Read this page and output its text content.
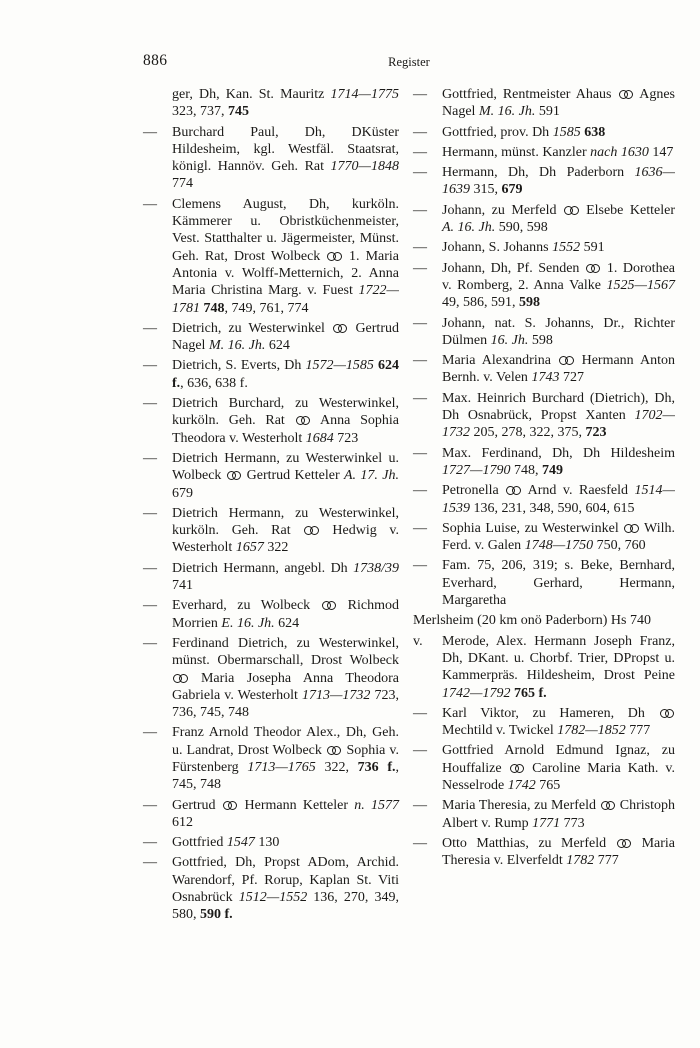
886	Register
ger, Dh, Kan. St. Mauritz 1714—1775 323, 737, 745
— Burchard Paul, Dh, DKüster Hildesheim, kgl. Westfäl. Staatsrat, königl. Hannöv. Geh. Rat 1770—1848 774
— Clemens August, Dh, kurköln. Kämmerer u. Obristküchenmeister, Vest. Statthalter u. Jägermeister, Münst. Geh. Rat, Drost Wolbeck  1. Maria Antonia v. Wolff-Metternich, 2. Anna Maria Christina Marg. v. Fuest 1722—1781 748, 749, 761, 774
— Dietrich, zu Westerwinkel  Gertrud Nagel M. 16. Jh. 624
— Dietrich, S. Everts, Dh 1572—1585 624 f., 636, 638 f.
— Dietrich Burchard, zu Westerwinkel, kurköln. Geh. Rat  Anna Sophia Theodora v. Westerholt 1684 723
— Dietrich Hermann, zu Westerwinkel u. Wolbeck  Gertrud Ketteler A. 17. Jh. 679
— Dietrich Hermann, zu Westerwinkel, kurköln. Geh. Rat  Hedwig v. Westerholt 1657 322
— Dietrich Hermann, angebl. Dh 1738/39 741
— Everhard, zu Wolbeck  Richmod Morrien E. 16. Jh. 624
— Ferdinand Dietrich, zu Westerwinkel, münst. Obermarschall, Drost Wolbeck  Maria Josepha Anna Theodora Gabriela v. Westerholt 1713—1732 723, 736, 745, 748
— Franz Arnold Theodor Alex., Dh, Geh. u. Landrat, Drost Wolbeck  Sophia v. Fürstenberg 1713—1765 322, 736 f., 745, 748
— Gertrud  Hermann Ketteler n. 1577 612
— Gottfried 1547 130
— Gottfried, Dh, Propst ADom, Archid. Warendorf, Pf. Rorup, Kaplan St. Viti Osnabrück 1512—1552 136, 270, 349, 580, 590 f.
— Gottfried, Rentmeister Ahaus  Agnes Nagel M. 16. Jh. 591
— Gottfried, prov. Dh 1585 638
— Hermann, münst. Kanzler nach 1630 147
— Hermann, Dh, Dh Paderborn 1636—1639 315, 679
— Johann, zu Merfeld  Elsebe Ketteler A. 16. Jh. 590, 598
— Johann, S. Johanns 1552 591
— Johann, Dh, Pf. Senden  1. Dorothea v. Romberg, 2. Anna Valke 1525—1567 49, 586, 591, 598
— Johann, nat. S. Johanns, Dr., Richter Dülmen 16. Jh. 598
— Maria Alexandrina  Hermann Anton Bernh. v. Velen 1743 727
— Max. Heinrich Burchard (Dietrich), Dh, Dh Osnabrück, Propst Xanten 1702—1732 205, 278, 322, 375, 723
— Max. Ferdinand, Dh, Dh Hildesheim 1727—1790 748, 749
— Petronella  Arnd v. Raesfeld 1514—1539 136, 231, 348, 590, 604, 615
— Sophia Luise, zu Westerwinkel  Wilh. Ferd. v. Galen 1748—1750 750, 760
— Fam. 75, 206, 319; s. Beke, Bernhard, Everhard, Gerhard, Hermann, Margaretha
Merlsheim (20 km onö Paderborn) Hs 740
v. Merode, Alex. Hermann Joseph Franz, Dh, DKant. u. Chorbf. Trier, DPropst u. Kammerpräs. Hildesheim, Drost Peine 1742—1792 765 f.
— Karl Viktor, zu Hameren, Dh  Mechtild v. Twickel 1782—1852 777
— Gottfried Arnold Edmund Ignaz, zu Houffalize  Caroline Maria Kath. v. Nesselrode 1742 765
— Maria Theresia, zu Merfeld  Christoph Albert v. Rump 1771 773
— Otto Matthias, zu Merfeld  Maria Theresia v. Elverfeldt 1782 777
